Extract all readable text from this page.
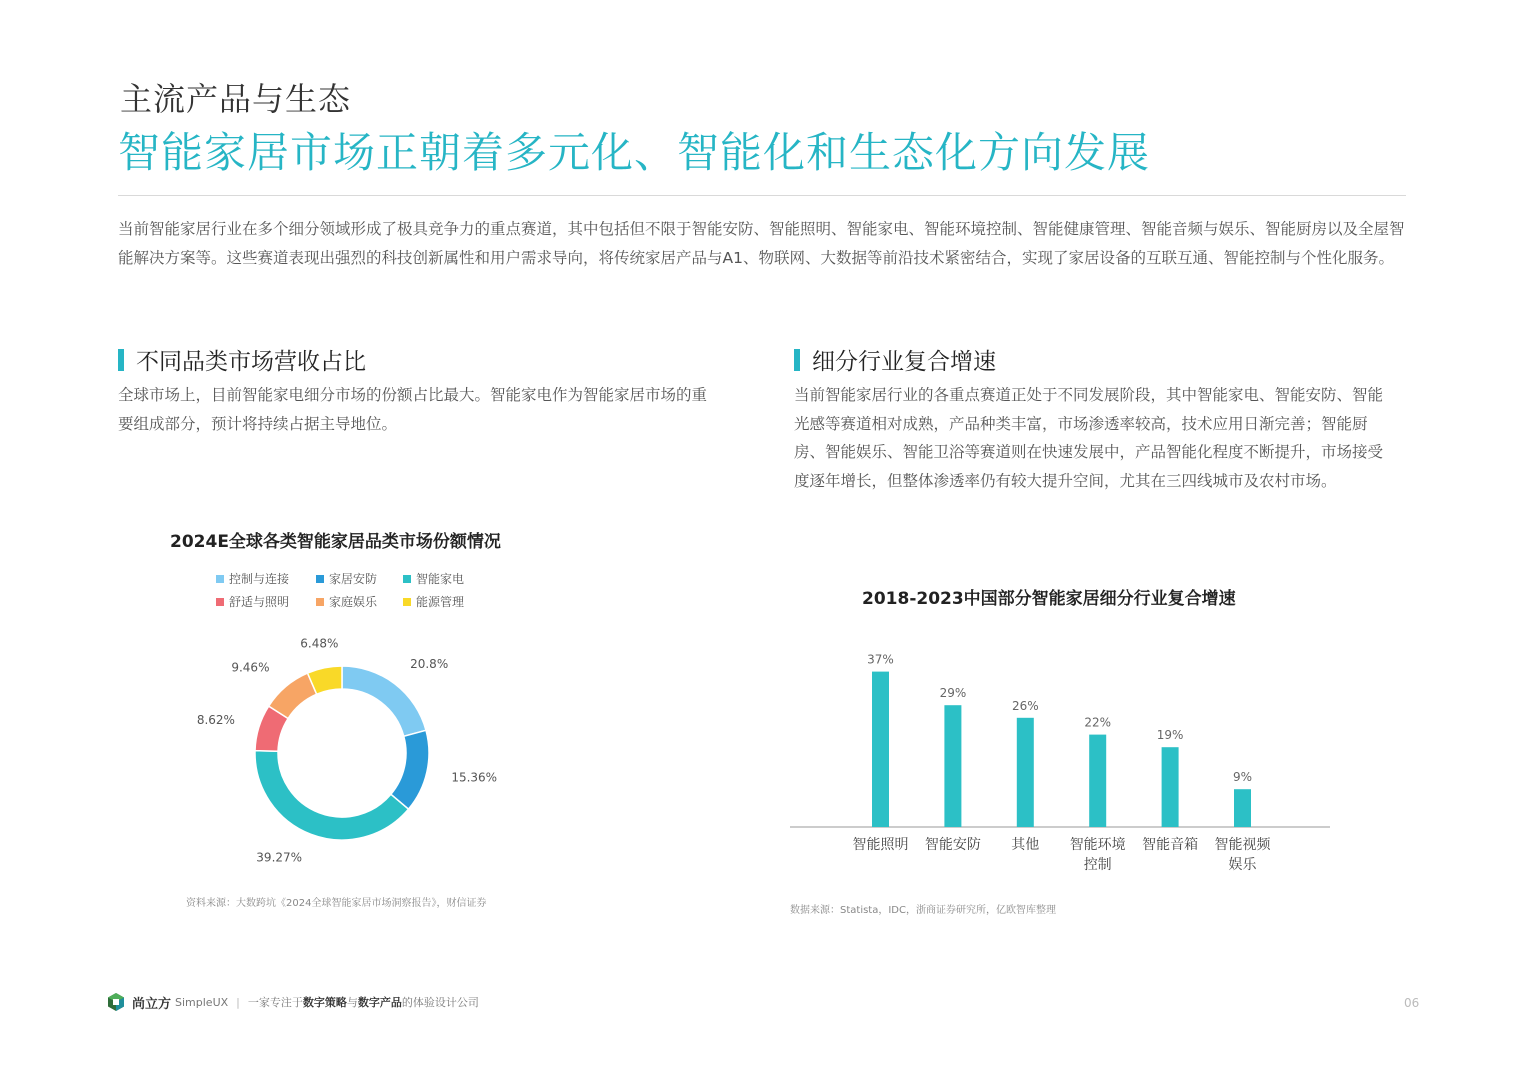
主流产品与生态
智能家居市场正朝着多元化、智能化和生态化方向发展
当前智能家居行业在多个细分领域形成了极具竞争力的重点赛道，其中包括但不限于智能安防、智能照明、智能家电、智能环境控制、智能健康管理、智能音频与娱乐、智能厨房以及全屋智能解决方案等。这些赛道表现出强烈的科技创新属性和用户需求导向，将传统家居产品与A1、物联网、大数据等前沿技术紧密结合，实现了家居设备的互联互通、智能控制与个性化服务。
不同品类市场营收占比
全球市场上，目前智能家电细分市场的份额占比最大。智能家电作为智能家居市场的重要组成部分，预计将持续占据主导地位。
2024E全球各类智能家居品类市场份额情况
控制与连接	家居安防	智能家电
舒适与照明	家庭娱乐	能源管理
20.8%
15.36%
39.27%
8.62%
9.46%
6.48%
资料来源：大数跨坑《2024全球智能家居市场洞察报告》，财信证券
细分行业复合增速
当前智能家居行业的各重点赛道正处于不同发展阶段，其中智能家电、智能安防、智能光感等赛道相对成熟，产品种类丰富，市场渗透率较高，技术应用日渐完善；智能厨房、智能娱乐、智能卫浴等赛道则在快速发展中，产品智能化程度不断提升，市场接受度逐年增长，但整体渗透率仍有较大提升空间，尤其在三四线城市及农村市场。
2018-2023中国部分智能家居细分行业复合增速
37%
智能照明
29%
智能安防
26%
其他
22%
智能环境控制
19%
智能音箱
9%
智能视频娱乐
数据来源：Statista，IDC，浙商证券研究所，亿欧智库整理
尚立方 SimpleUX | 一家专注于 数字策略 与 数字产品 的体验设计公司	06
